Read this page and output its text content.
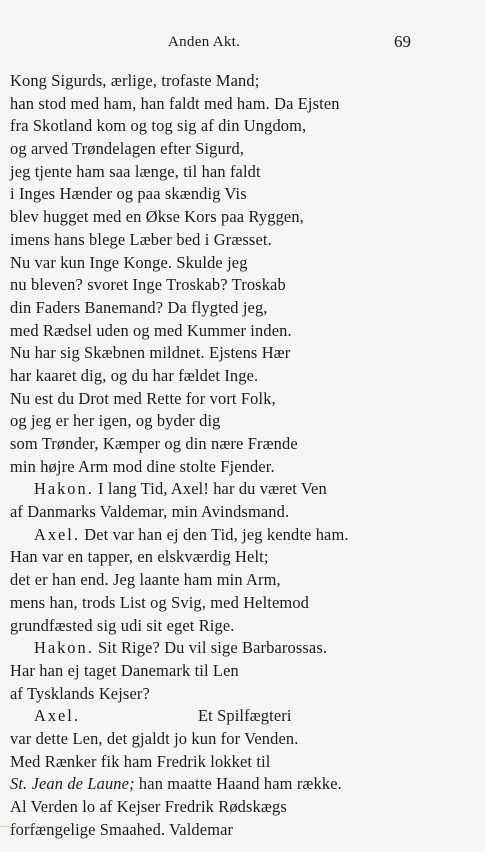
Anden Akt.	69
Kong Sigurds, ærlige, trofaste Mand;
han stod med ham, han faldt med ham. Da Ejsten
fra Skotland kom og tog sig af din Ungdom,
og arved Trøndelagen efter Sigurd,
jeg tjente ham saa længe, til han faldt
i Inges Hænder og paa skændig Vis
blev hugget med en Økse Kors paa Ryggen,
imens hans blege Læber bed i Græsset.
Nu var kun Inge Konge. Skulde jeg
nu bleven? svoret Inge Troskab? Troskab
din Faders Banemand? Da flygted jeg,
med Rædsel uden og med Kummer inden.
Nu har sig Skæbnen mildnet. Ejstens Hær
har kaaret dig, og du har fældet Inge.
Nu est du Drot med Rette for vort Folk,
og jeg er her igen, og byder dig
som Trønder, Kæmper og din nære Frænde
min højre Arm mod dine stolte Fjender.
Hakon. I lang Tid, Axel! har du været Ven
af Danmarks Valdemar, min Avindsmand.
Axel. Det var han ej den Tid, jeg kendte ham.
Han var en tapper, en elskværdig Helt;
det er han end. Jeg laante ham min Arm,
mens han, trods List og Svig, med Heltemod
grundfæsted sig udi sit eget Rige.
Hakon. Sit Rige? Du vil sige Barbarossas.
Har han ej taget Danemark til Len
af Tysklands Kejser?
Axel.	Et Spilfægteri
var dette Len, det gjaldt jo kun for Venden.
Med Rænker fik ham Fredrik lokket til
St. Jean de Laune; han maatte Haand ham række.
Al Verden lo af Kejser Fredrik Rødskægs
forfængelige Smaahed. Valdemar
